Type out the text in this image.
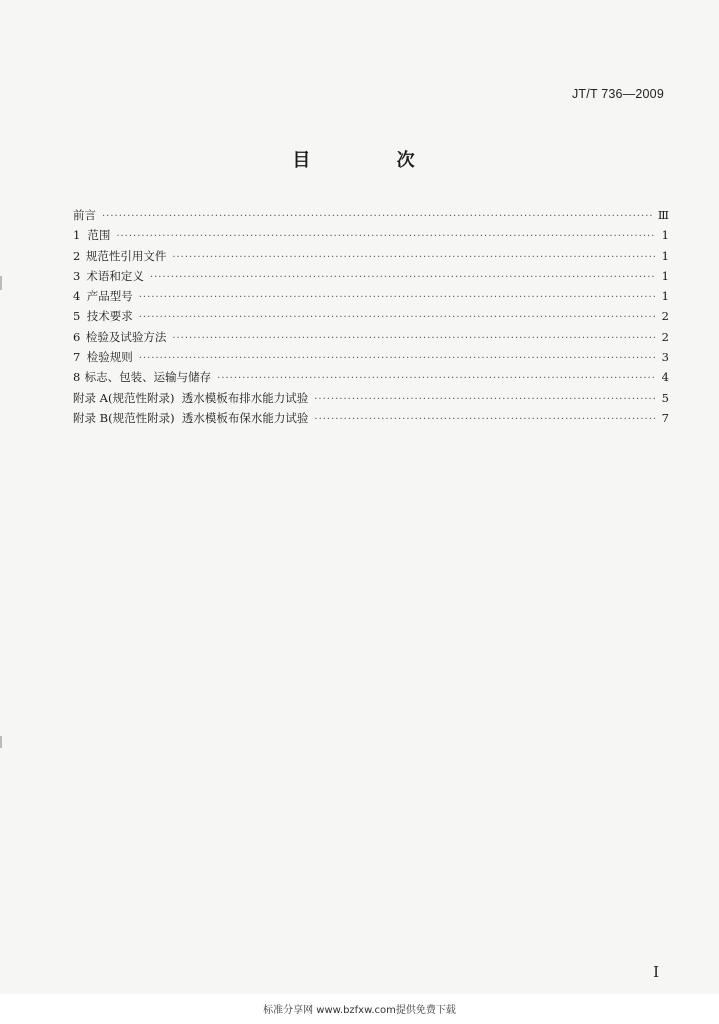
JT/T 736—2009
目 次
前言 ·····	Ⅲ
1 范围 ·····	1
2 规范性引用文件 ·····	1
3 术语和定义 ·····	1
4 产品型号 ·····	1
5 技术要求 ·····	2
6 检验及试验方法 ·····	2
7 检验规则 ·····	3
8 标志、包装、运输与储存 ·····	4
附录 A(规范性附录)  透水模板布排水能力试验 ·····	5
附录 B(规范性附录)  透水模板布保水能力试验 ·····	7
I
标准分享网 www.bzfxw.com提供免费下载
